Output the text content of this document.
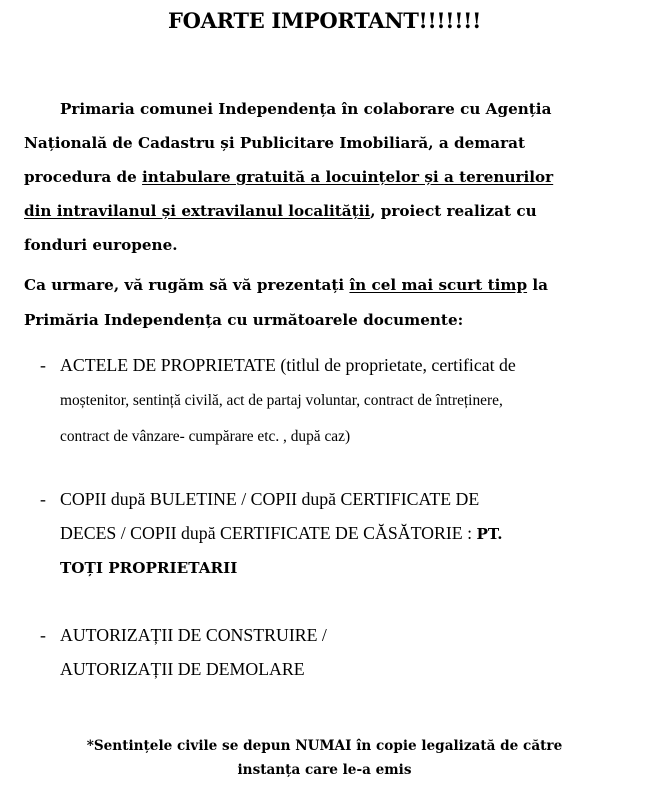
FOARTE IMPORTANT!!!!!!!
Primaria comunei Independența în colaborare cu Agenția
Națională de Cadastru și Publicitare Imobiliară, a demarat
procedura de intabulare gratuită a locuințelor și a terenurilor
din intravilanul și extravilanul localității, proiect realizat cu
fonduri europene.
Ca urmare, vă rugăm să vă prezentați în cel mai scurt timp la
Primăria Independența cu următoarele documente:
- ACTELE DE PROPRIETATE (titlul de proprietate, certificat de
moștenitor, sentință civilă, act de partaj voluntar, contract de întreținere,
contract de vânzare- cumpărare etc. , după caz)
- COPII după BULETINE / COPII după CERTIFICATE DE
DECES / COPII după CERTIFICATE DE CĂSĂTORIE : PT.
TOȚI PROPRIETARII
- AUTORIZAȚII DE CONSTRUIRE /
AUTORIZAȚII DE DEMOLARE
*Sentințele civile se depun NUMAI în copie legalizată de către
instanța care le-a emis
